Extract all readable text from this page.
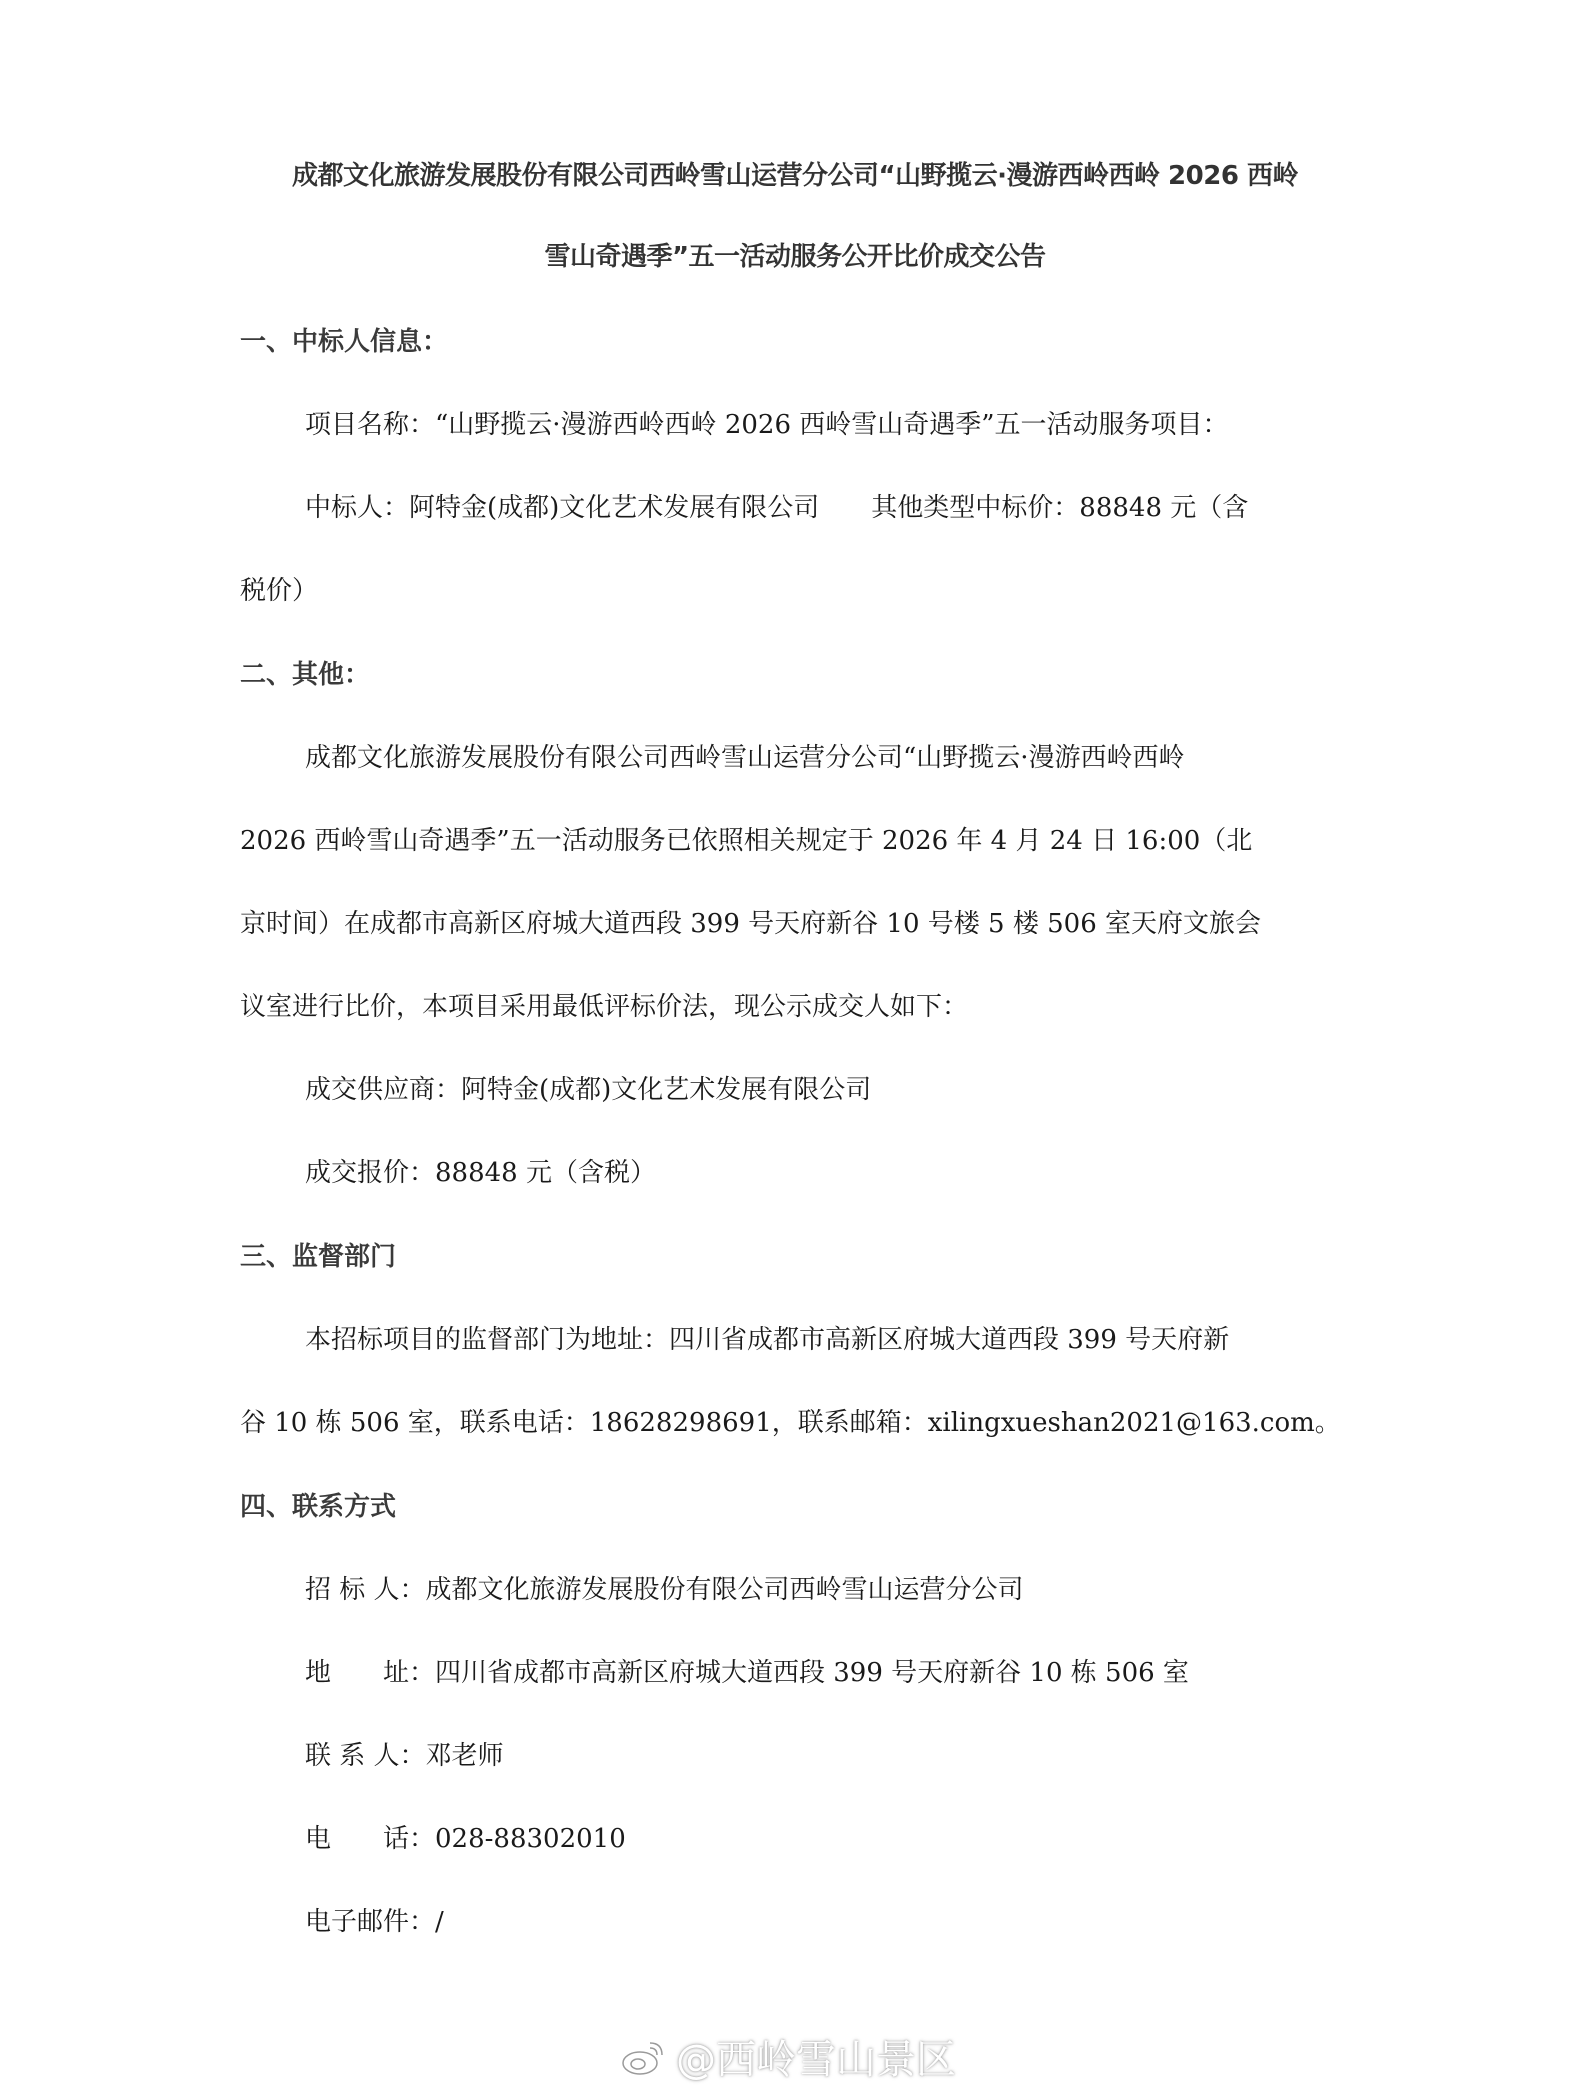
成都文化旅游发展股份有限公司西岭雪山运营分公司“山野揽云·漫游西岭西岭 2026 西岭
雪山奇遇季”五一活动服务公开比价成交公告
一、中标人信息：
项目名称：“山野揽云·漫游西岭西岭 2026 西岭雪山奇遇季”五一活动服务项目：
中标人：阿特金(成都)文化艺术发展有限公司　　其他类型中标价：88848 元（含
税价）
二、其他：
成都文化旅游发展股份有限公司西岭雪山运营分公司“山野揽云·漫游西岭西岭
2026 西岭雪山奇遇季”五一活动服务已依照相关规定于 2026 年 4 月 24 日 16:00（北
京时间）在成都市高新区府城大道西段 399 号天府新谷 10 号楼 5 楼 506 室天府文旅会
议室进行比价，本项目采用最低评标价法，现公示成交人如下：
成交供应商：阿特金(成都)文化艺术发展有限公司
成交报价：88848 元（含税）
三、监督部门
本招标项目的监督部门为地址：四川省成都市高新区府城大道西段 399 号天府新
谷 10 栋 506 室，联系电话：18628298691，联系邮箱：xilingxueshan2021@163.com。
四、联系方式
招 标 人：成都文化旅游发展股份有限公司西岭雪山运营分公司
地　　址：四川省成都市高新区府城大道西段 399 号天府新谷 10 栋 506 室
联 系 人：邓老师
电　　话：028-88302010
电子邮件：/
@西岭雪山景区
